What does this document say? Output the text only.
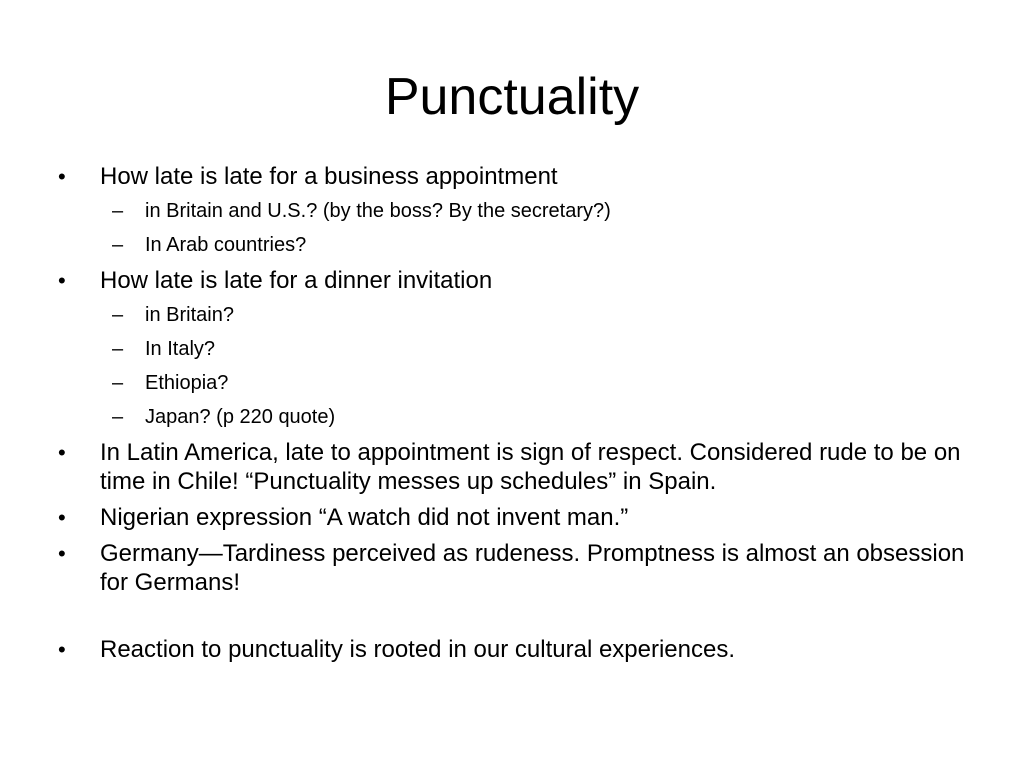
Punctuality
• How late is late for a business appointment
– in Britain and U.S.? (by the boss? By the secretary?)
– In Arab countries?
• How late is late for a dinner invitation
– in Britain?
– In Italy?
– Ethiopia?
– Japan? (p 220 quote)
• In Latin America, late to appointment is sign of respect. Considered rude to be on time in Chile! “Punctuality messes up schedules” in Spain.
• Nigerian expression “A watch did not invent man.”
• Germany—Tardiness perceived as rudeness. Promptness is almost an obsession for Germans!
• Reaction to punctuality is rooted in our cultural experiences.
